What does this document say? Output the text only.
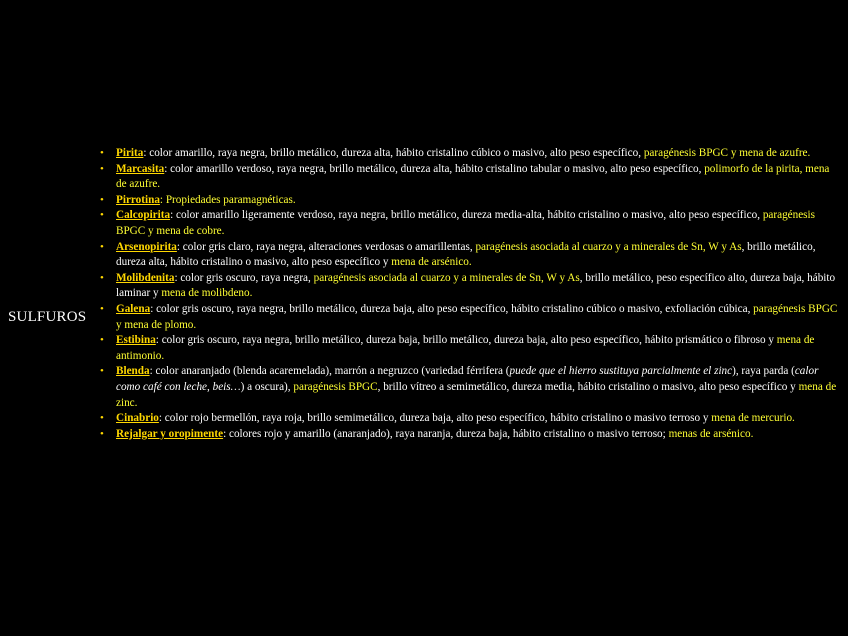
SULFUROS
• Pirita: color amarillo, raya negra, brillo metálico, dureza alta, hábito cristalino cúbico o masivo, alto peso específico, paragénesis BPGC y mena de azufre.
• Marcasita: color amarillo verdoso, raya negra, brillo metálico, dureza alta, hábito cristalino tabular o masivo, alto peso específico, polimorfo de la pirita, mena de azufre.
• Pirrotina: Propiedades paramagnéticas.
• Calcopirita: color amarillo ligeramente verdoso, raya negra, brillo metálico, dureza media-alta, hábito cristalino o masivo, alto peso específico, paragénesis BPGC y mena de cobre.
• Arsenopirita: color gris claro, raya negra, alteraciones verdosas o amarillentas, paragénesis asociada al cuarzo y a minerales de Sn, W y As, brillo metálico, dureza alta, hábito cristalino o masivo, alto peso específico y mena de arsénico.
• Molibdenita: color gris oscuro, raya negra, paragénesis asociada al cuarzo y a minerales de Sn, W y As, brillo metálico, peso específico alto, dureza baja, hábito laminar y mena de molibdeno.
• Galena: color gris oscuro, raya negra, brillo metálico, dureza baja, alto peso específico, hábito cristalino cúbico o masivo, exfoliación cúbica, paragénesis BPGC y mena de plomo.
• Estibina: color gris oscuro, raya negra, brillo metálico, dureza baja, brillo metálico, dureza baja, alto peso específico, hábito prismático o fibroso y mena de antimonio.
• Blenda: color anaranjado (blenda acaremelada), marrón a negruzco (variedad férrifera (puede que el hierro sustituya parcialmente el zinc), raya parda (calor como café con leche, beis…) a oscura), paragénesis BPGC, brillo vítreo a semimetálico, dureza media, hábito cristalino o masivo, alto peso específico y mena de zinc.
• Cinabrio: color rojo bermellón, raya roja, brillo semimetálico, dureza baja, alto peso específico, hábito cristalino o masivo terroso y mena de mercurio.
• Rejalgar y oropimente: colores rojo y amarillo (anaranjado), raya naranja, dureza baja, hábito cristalino o masivo terroso; menas de arsénico.
